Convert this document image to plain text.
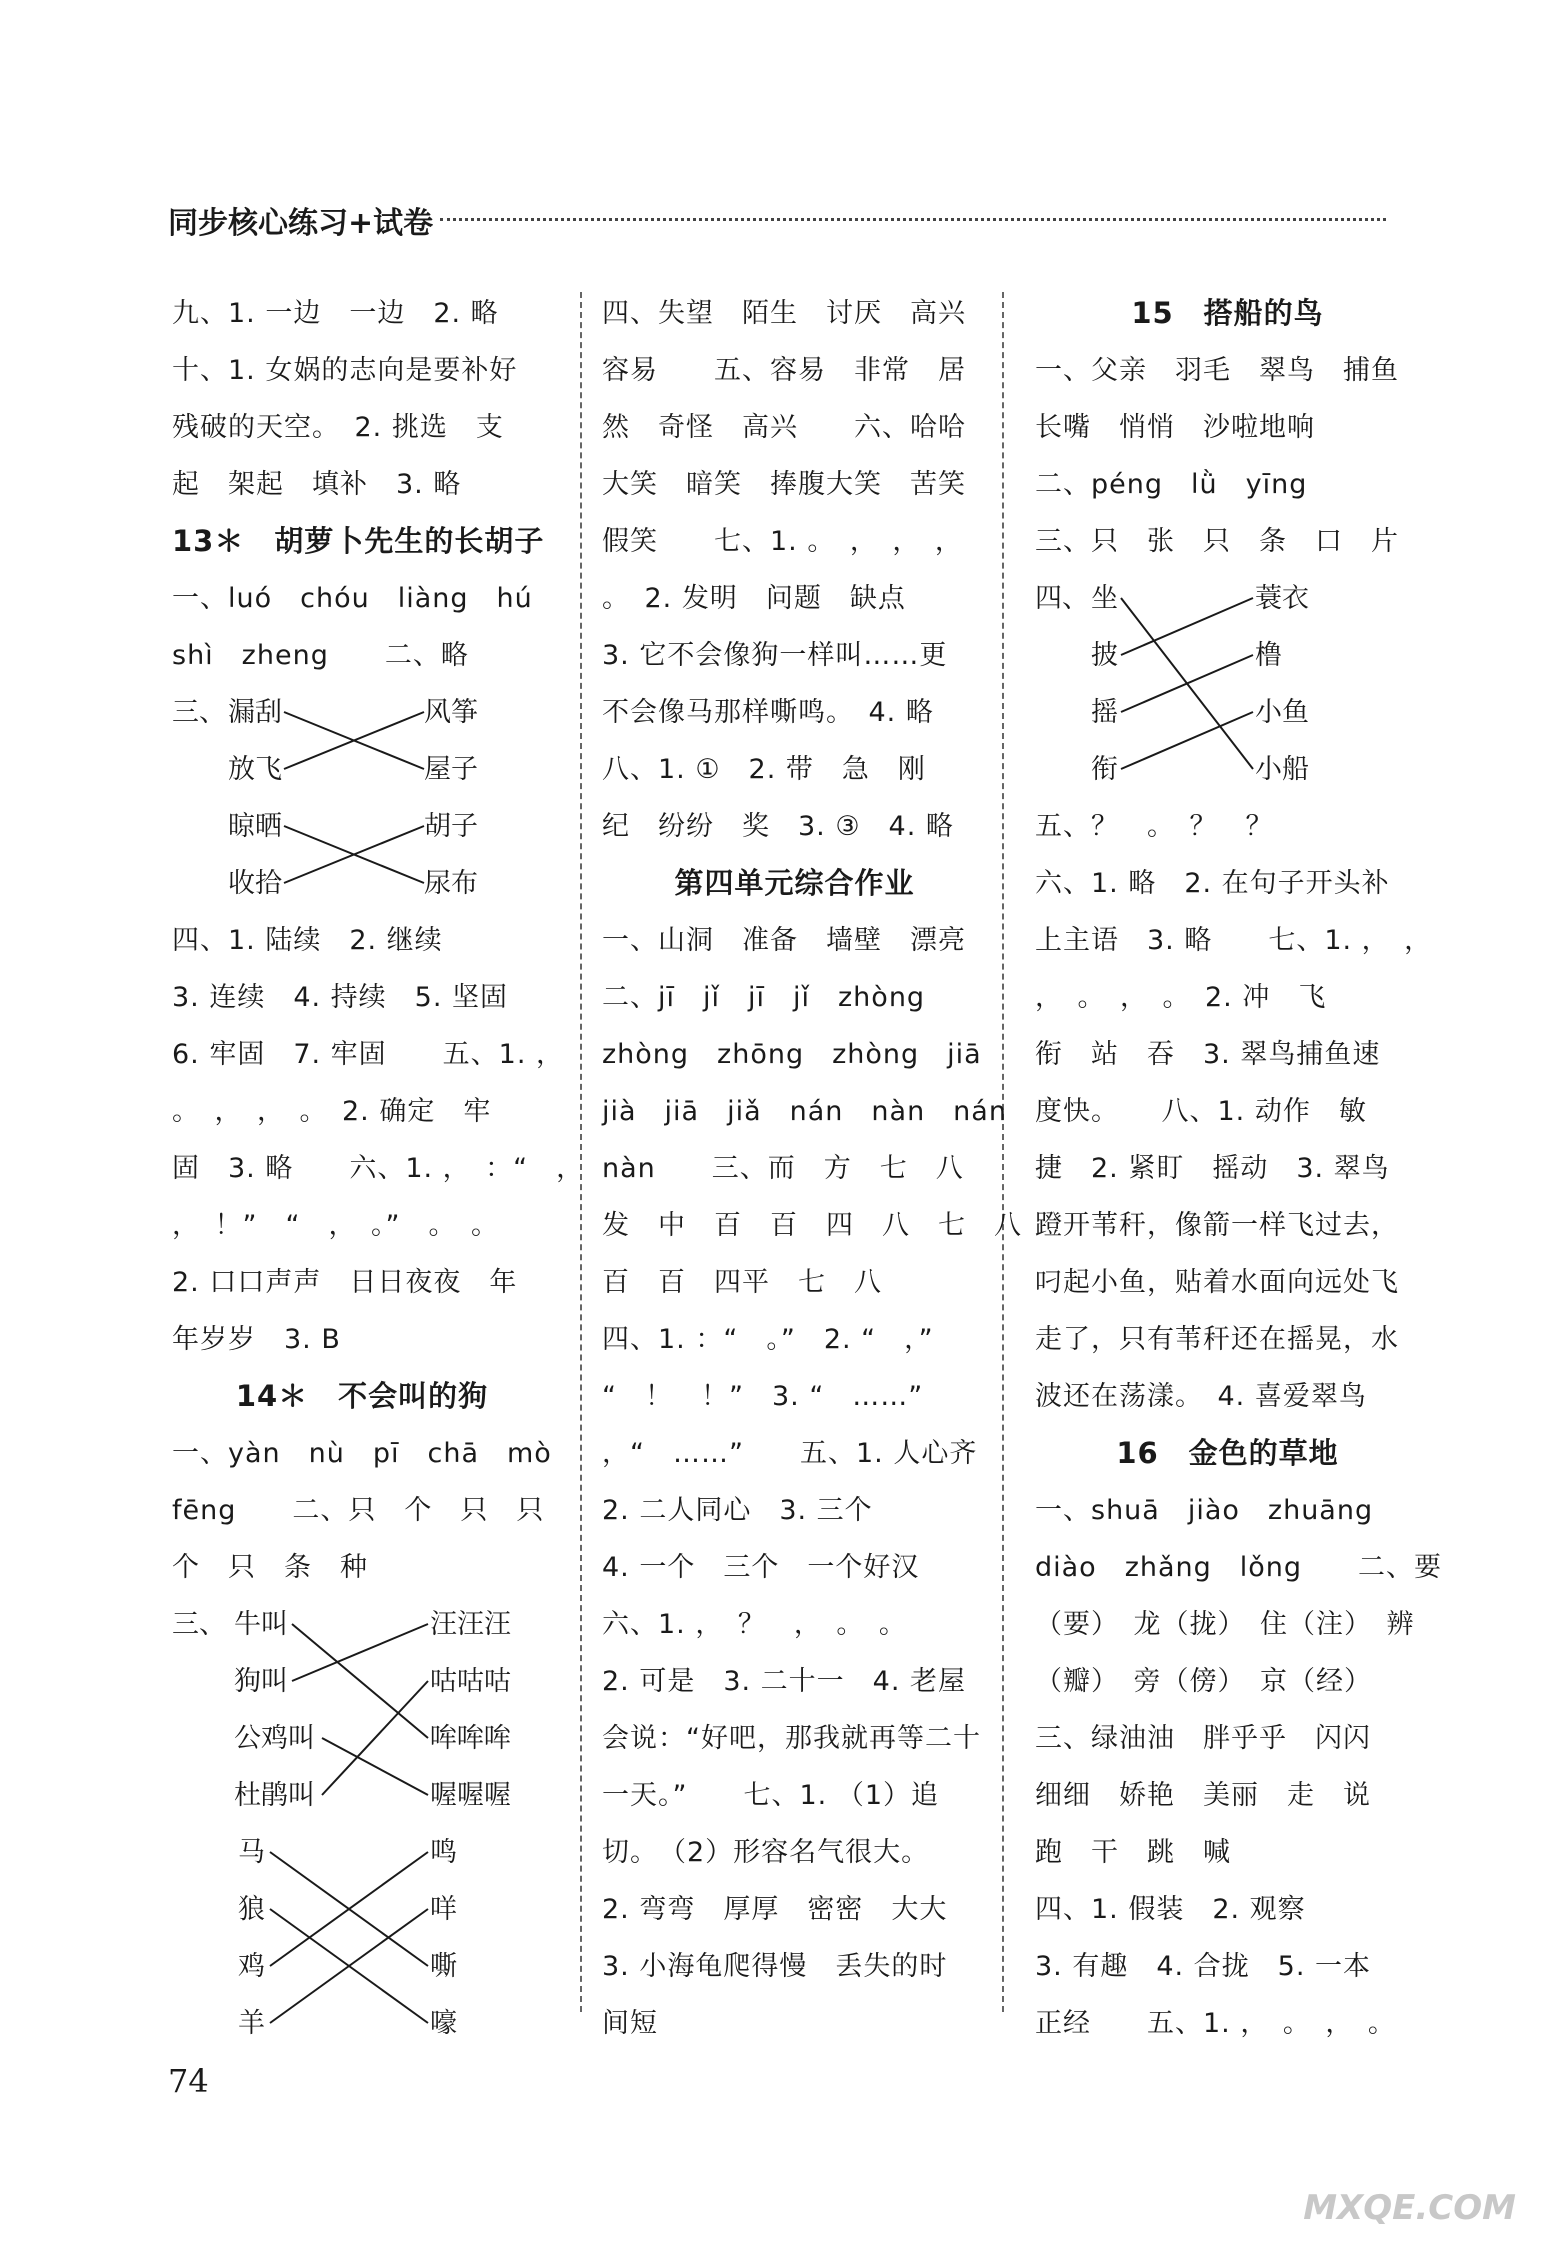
同步核心练习+试卷
九、1. 一边　一边　2. 略
十、1. 女娲的志向是要补好
残破的天空。　2. 挑选　支
起　架起　填补　3. 略
13＊　胡萝卜先生的长胡子
一、luó　chóu　liàng　hú
shì　zheng　　二、略
三、 漏刮
放飞
晾晒
收拾
风筝
屋子
胡子
尿布
四、1. 陆续　2. 继续
3. 连续　4. 持续　5. 坚固
6. 牢固　7. 牢固　　五、1. ，
。　，　，　。　2. 确定　牢
固　3. 略　　六、1. ，　：“　，
，　！”　“　，　。”　。　。
2. 口口声声　日日夜夜　年
年岁岁　3. B
14＊　不会叫的狗
一、yàn　nù　pī　chā　mò
fēng　　二、只　个　只　只
个　只　条　种
三、 牛叫
狗叫
公鸡叫
杜鹃叫
汪汪汪
咕咕咕
哞哞哞
喔喔喔
马
狼
鸡
羊
鸣
咩
嘶
嚎
四、失望　陌生　讨厌　高兴
容易　　五、容易　非常　居
然　奇怪　高兴　　六、哈哈
大笑　暗笑　捧腹大笑　苦笑
假笑　　七、1. 。　，　，　，
。　2. 发明　问题　缺点
3. 它不会像狗一样叫……更
不会像马那样嘶鸣。　4. 略
八、1. ①　2. 带　急　刚
纪　纷纷　奖　3. ③　4. 略
第四单元综合作业
一、山洞　准备　墙壁　漂亮
二、jī　jǐ　jī　jǐ　zhòng
zhòng　zhōng　zhòng　jiā
jià　jiā　jiǎ　nán　nàn　nán
nàn　　三、而　方　七　八
发　中　百　百　四　八　七　八
百　百　四平　七　八
四、1. ：“　。”　2. “　，”
“　！　！”　3. “　……”
，“　……”　　五、1. 人心齐
2. 二人同心　3. 三个
4. 一个　三个　一个好汉
六、1. ，　？　，　。　。
2. 可是　3. 二十一　4. 老屋
会说：“好吧，那我就再等二十
一天。”　　七、1. （1）追
切。　（2）形容名气很大。
2. 弯弯　厚厚　密密　大大
3. 小海龟爬得慢　丢失的时
间短
15　搭船的鸟
一、父亲　羽毛　翠鸟　捕鱼
长嘴　悄悄　沙啦地响
二、péng　lǜ　yīng
三、只　张　只　条　口　片
四、 坐
披
摇
衔
蓑衣
橹
小鱼
小船
五、？　。　？　？
六、1. 略　2. 在句子开头补
上主语　3. 略　　七、1. ，　，
，　。　，　。　2. 冲　飞
衔　站　吞　3. 翠鸟捕鱼速
度快。　　八、1. 动作　敏
捷　2. 紧盯　摇动　3. 翠鸟
蹬开苇秆，像箭一样飞过去，
叼起小鱼，贴着水面向远处飞
走了，只有苇秆还在摇晃，水
波还在荡漾。　4. 喜爱翠鸟
16　金色的草地
一、shuā　jiào　zhuāng
diào　zhǎng　lǒng　　二、要
（要）　龙（拢）　住（注）　辨
（瓣）　旁（傍）　京（经）
三、绿油油　胖乎乎　闪闪
细细　娇艳　美丽　走　说
跑　干　跳　喊
四、1. 假装　2. 观察
3. 有趣　4. 合拢　5. 一本
正经　　五、1. ，　。　，　。
74
MXQE.COM
